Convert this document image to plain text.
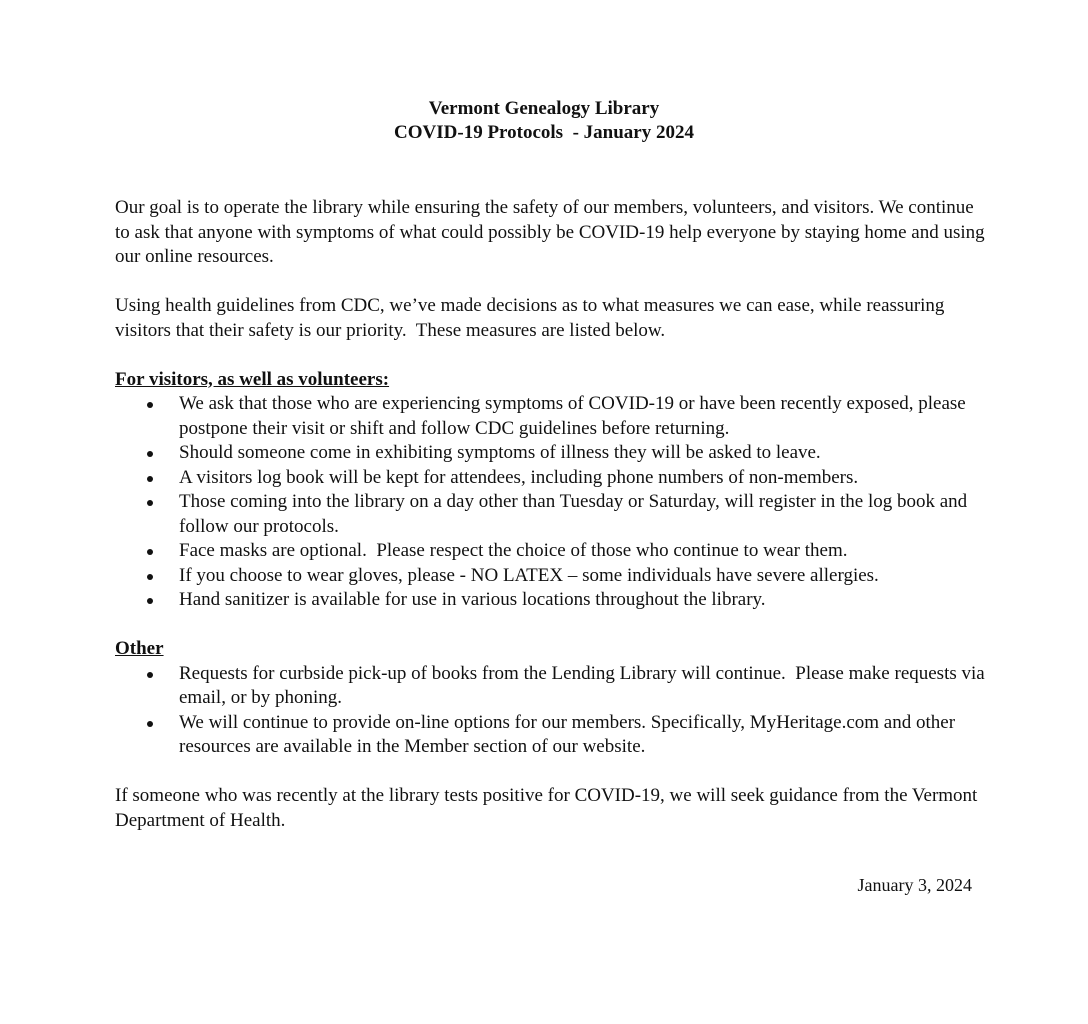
Vermont Genealogy Library
COVID-19 Protocols  - January 2024

Our goal is to operate the library while ensuring the safety of our members, volunteers, and visitors. We continue to ask that anyone with symptoms of what could possibly be COVID-19 help everyone by staying home and using our online resources.

Using health guidelines from CDC, we’ve made decisions as to what measures we can ease, while reassuring visitors that their safety is our priority.  These measures are listed below.

For visitors, as well as volunteers:

We ask that those who are experiencing symptoms of COVID-19 or have been recently exposed, please postpone their visit or shift and follow CDC guidelines before returning.
Should someone come in exhibiting symptoms of illness they will be asked to leave.
A visitors log book will be kept for attendees, including phone numbers of non-members.
Those coming into the library on a day other than Tuesday or Saturday, will register in the log book and follow our protocols.
Face masks are optional.  Please respect the choice of those who continue to wear them.
If you choose to wear gloves, please - NO LATEX – some individuals have severe allergies.
Hand sanitizer is available for use in various locations throughout the library.

Other

Requests for curbside pick-up of books from the Lending Library will continue.  Please make requests via email, or by phoning.
We will continue to provide on-line options for our members. Specifically, MyHeritage.com and other resources are available in the Member section of our website.

If someone who was recently at the library tests positive for COVID-19, we will seek guidance from the Vermont Department of Health.

January 3, 2024
